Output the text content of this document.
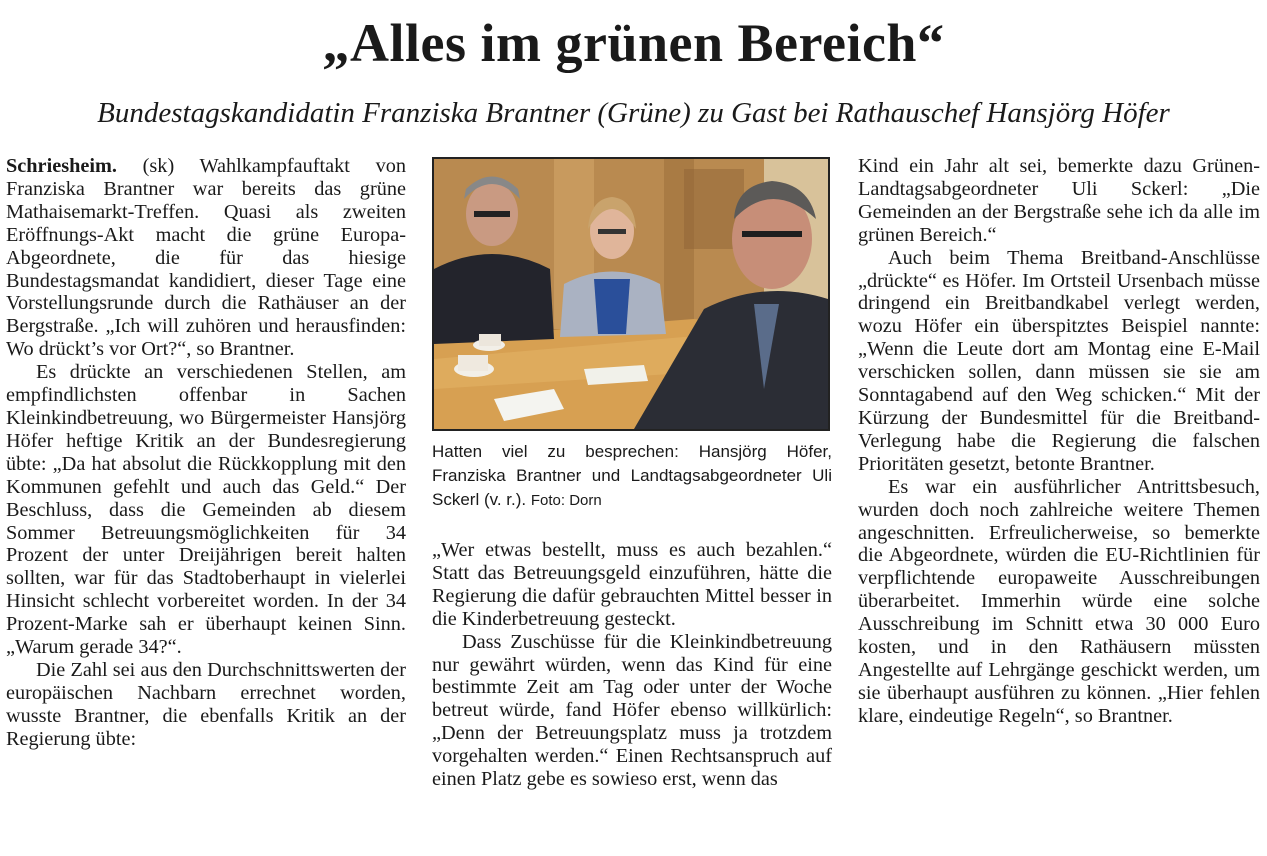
„Alles im grünen Bereich“
Bundestagskandidatin Franziska Brantner (Grüne) zu Gast bei Rathauschef Hansjörg Höfer

Schriesheim. (sk) Wahlkampfauftakt von Franziska Brantner war bereits das grüne Mathaisemarkt-Treffen. Quasi als zweiten Eröffnungs-Akt macht die grüne Europa-Abgeordnete, die für das hiesige Bundestagsmandat kandidiert, dieser Tage eine Vorstellungsrunde durch die Rathäuser an der Bergstraße. „Ich will zuhören und herausfinden: Wo drückt’s vor Ort?“, so Brantner.

Es drückte an verschiedenen Stellen, am empfindlichsten offenbar in Sachen Kleinkindbetreuung, wo Bürgermeister Hansjörg Höfer heftige Kritik an der Bundesregierung übte: „Da hat absolut die Rückkopplung mit den Kommunen gefehlt und auch das Geld.“ Der Beschluss, dass die Gemeinden ab diesem Sommer Betreuungsmöglichkeiten für 34 Prozent der unter Dreijährigen bereit halten sollten, war für das Stadtoberhaupt in vielerlei Hinsicht schlecht vorbereitet worden. In der 34 Prozent-Marke sah er überhaupt keinen Sinn. „Warum gerade 34?“.

Die Zahl sei aus den Durchschnittswerten der europäischen Nachbarn errechnet worden, wusste Brantner, die ebenfalls Kritik an der Regierung übte:

Hatten viel zu besprechen: Hansjörg Höfer, Franziska Brantner und Landtagsabgeordneter Uli Sckerl (v. r.). Foto: Dorn

„Wer etwas bestellt, muss es auch bezahlen.“ Statt das Betreuungsgeld einzuführen, hätte die Regierung die dafür gebrauchten Mittel besser in die Kinderbetreuung gesteckt.

Dass Zuschüsse für die Kleinkindbetreuung nur gewährt würden, wenn das Kind für eine bestimmte Zeit am Tag oder unter der Woche betreut würde, fand Höfer ebenso willkürlich: „Denn der Betreuungsplatz muss ja trotzdem vorgehalten werden.“ Einen Rechtsanspruch auf einen Platz gebe es sowieso erst, wenn das

Kind ein Jahr alt sei, bemerkte dazu Grünen-Landtagsabgeordneter Uli Sckerl: „Die Gemeinden an der Bergstraße sehe ich da alle im grünen Bereich.“

Auch beim Thema Breitband-Anschlüsse „drückte“ es Höfer. Im Ortsteil Ursenbach müsse dringend ein Breitbandkabel verlegt werden, wozu Höfer ein überspitztes Beispiel nannte: „Wenn die Leute dort am Montag eine E-Mail verschicken sollen, dann müssen sie sie am Sonntagabend auf den Weg schicken.“ Mit der Kürzung der Bundesmittel für die Breitband-Verlegung habe die Regierung die falschen Prioritäten gesetzt, betonte Brantner.

Es war ein ausführlicher Antrittsbesuch, wurden doch noch zahlreiche weitere Themen angeschnitten. Erfreulicherweise, so bemerkte die Abgeordnete, würden die EU-Richtlinien für verpflichtende europaweite Ausschreibungen überarbeitet. Immerhin würde eine solche Ausschreibung im Schnitt etwa 30 000 Euro kosten, und in den Rathäusern müssten Angestellte auf Lehrgänge geschickt werden, um sie überhaupt ausführen zu können. „Hier fehlen klare, eindeutige Regeln“, so Brantner.
